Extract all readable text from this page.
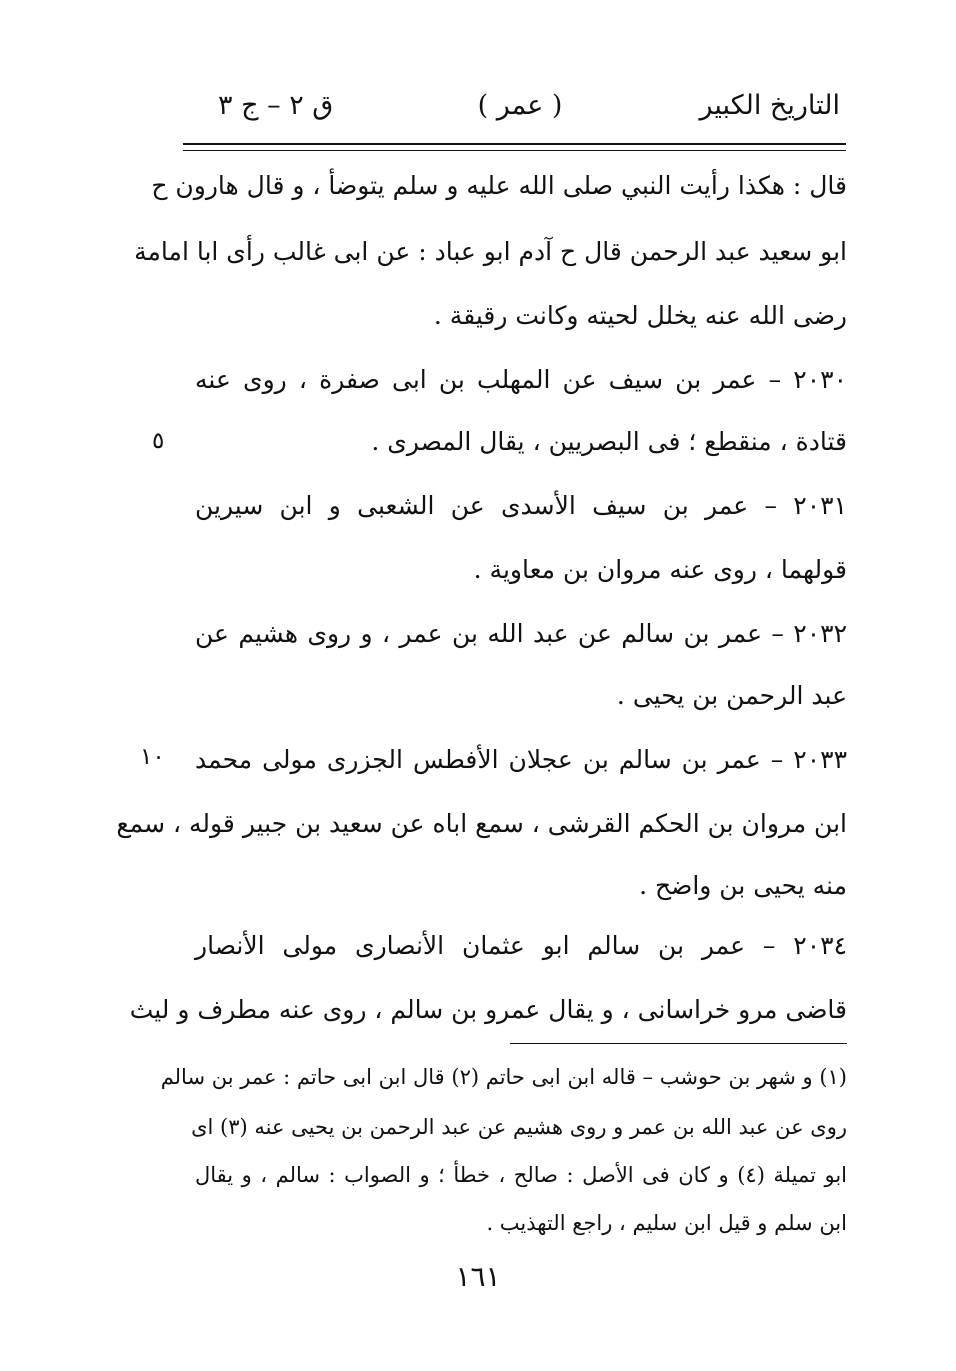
التاريخ الكبير
( عمر )
ق ٢ – ج ٣
قال : هكذا رأيت النبي صلى الله عليه و سلم يتوضأ ، و قال هارون ح
ابو سعيد عبد الرحمن قال ح آدم ابو عباد : عن ابى غالب رأى ابا امامة
رضى الله عنه يخلل لحيته وكانت رقيقة .
٢٠٣٠ – عمر بن سيف عن المهلب بن ابى صفرة ، روى عنه
قتادة ، منقطع ؛ فى البصريين ، يقال المصرى .
٢٠٣١ – عمر بن سيف الأسدى عن الشعبى و ابن سيرين
قولهما ، روى عنه مروان بن معاوية .
٢٠٣٢ – عمر بن سالم عن عبد الله بن عمر ، و روى هشيم عن
عبد الرحمن بن يحيى .
٢٠٣٣ – عمر بن سالم بن عجلان الأفطس الجزرى مولى محمد
ابن مروان بن الحكم القرشى ، سمع اباه عن سعيد بن جبير قوله ، سمع
منه يحيى بن واضح .
٢٠٣٤ – عمر بن سالم ابو عثمان الأنصارى مولى الأنصار
قاضى مرو خراسانى ، و يقال عمرو بن سالم ، روى عنه مطرف و ليث
٥
١٠
(١) و شهر بن حوشب – قاله ابن ابى حاتم (٢) قال ابن ابى حاتم : عمر بن سالم
روى عن عبد الله بن عمر و روى هشيم عن عبد الرحمن بن يحيى عنه (٣) اى
ابو تميلة (٤) و كان فى الأصل : صالح ، خطأ ؛ و الصواب : سالم ، و يقال
ابن سلم و قيل ابن سليم ، راجع التهذيب .
١٦١
